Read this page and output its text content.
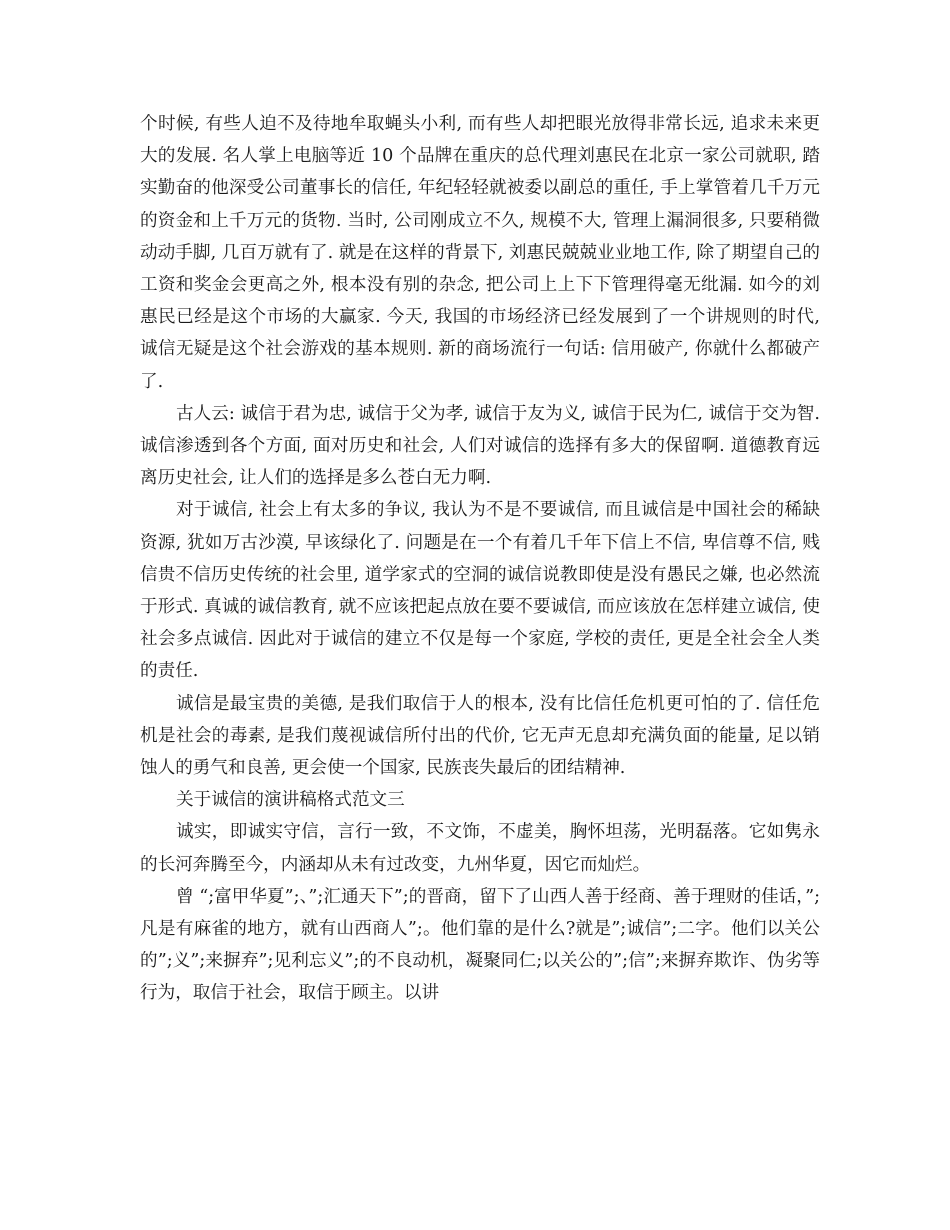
个时候, 有些人迫不及待地牟取蝇头小利, 而有些人却把眼光放得非常长远, 追求未来更大的发展. 名人掌上电脑等近 10 个品牌在重庆的总代理刘惠民在北京一家公司就职, 踏实勤奋的他深受公司董事长的信任, 年纪轻轻就被委以副总的重任, 手上掌管着几千万元的资金和上千万元的货物. 当时, 公司刚成立不久, 规模不大, 管理上漏洞很多, 只要稍微动动手脚, 几百万就有了. 就是在这样的背景下, 刘惠民兢兢业业地工作, 除了期望自己的工资和奖金会更高之外, 根本没有别的杂念, 把公司上上下下管理得毫无纰漏. 如今的刘惠民已经是这个市场的大赢家. 今天, 我国的市场经济已经发展到了一个讲规则的时代, 诚信无疑是这个社会游戏的基本规则. 新的商场流行一句话: 信用破产, 你就什么都破产了.

古人云: 诚信于君为忠, 诚信于父为孝, 诚信于友为义, 诚信于民为仁, 诚信于交为智. 诚信渗透到各个方面, 面对历史和社会, 人们对诚信的选择有多大的保留啊. 道德教育远离历史社会, 让人们的选择是多么苍白无力啊.

对于诚信, 社会上有太多的争议, 我认为不是不要诚信, 而且诚信是中国社会的稀缺资源, 犹如万古沙漠, 早该绿化了. 问题是在一个有着几千年下信上不信, 卑信尊不信, 贱信贵不信历史传统的社会里, 道学家式的空洞的诚信说教即使是没有愚民之嫌, 也必然流于形式. 真诚的诚信教育, 就不应该把起点放在要不要诚信, 而应该放在怎样建立诚信, 使社会多点诚信. 因此对于诚信的建立不仅是每一个家庭, 学校的责任, 更是全社会全人类的责任.

诚信是最宝贵的美德, 是我们取信于人的根本, 没有比信任危机更可怕的了. 信任危机是社会的毒素, 是我们蔑视诚信所付出的代价, 它无声无息却充满负面的能量, 足以销蚀人的勇气和良善, 更会使一个国家, 民族丧失最后的团结精神.

关于诚信的演讲稿格式范文三

诚实，即诚实守信，言行一致，不文饰，不虚美，胸怀坦荡，光明磊落。它如隽永的长河奔腾至今，内涵却从未有过改变，九州华夏，因它而灿烂。

曾 “;富甲华夏”;、”;汇通天下”;的晋商，留下了山西人善于经商、善于理财的佳话，”;凡是有麻雀的地方，就有山西商人”;。他们靠的是什么?就是”;诚信”;二字。他们以关公的”;义”;来摒弃”;见利忘义”;的不良动机，凝聚同仁;以关公的”;信”;来摒弃欺诈、伪劣等行为，取信于社会，取信于顾主。以讲
